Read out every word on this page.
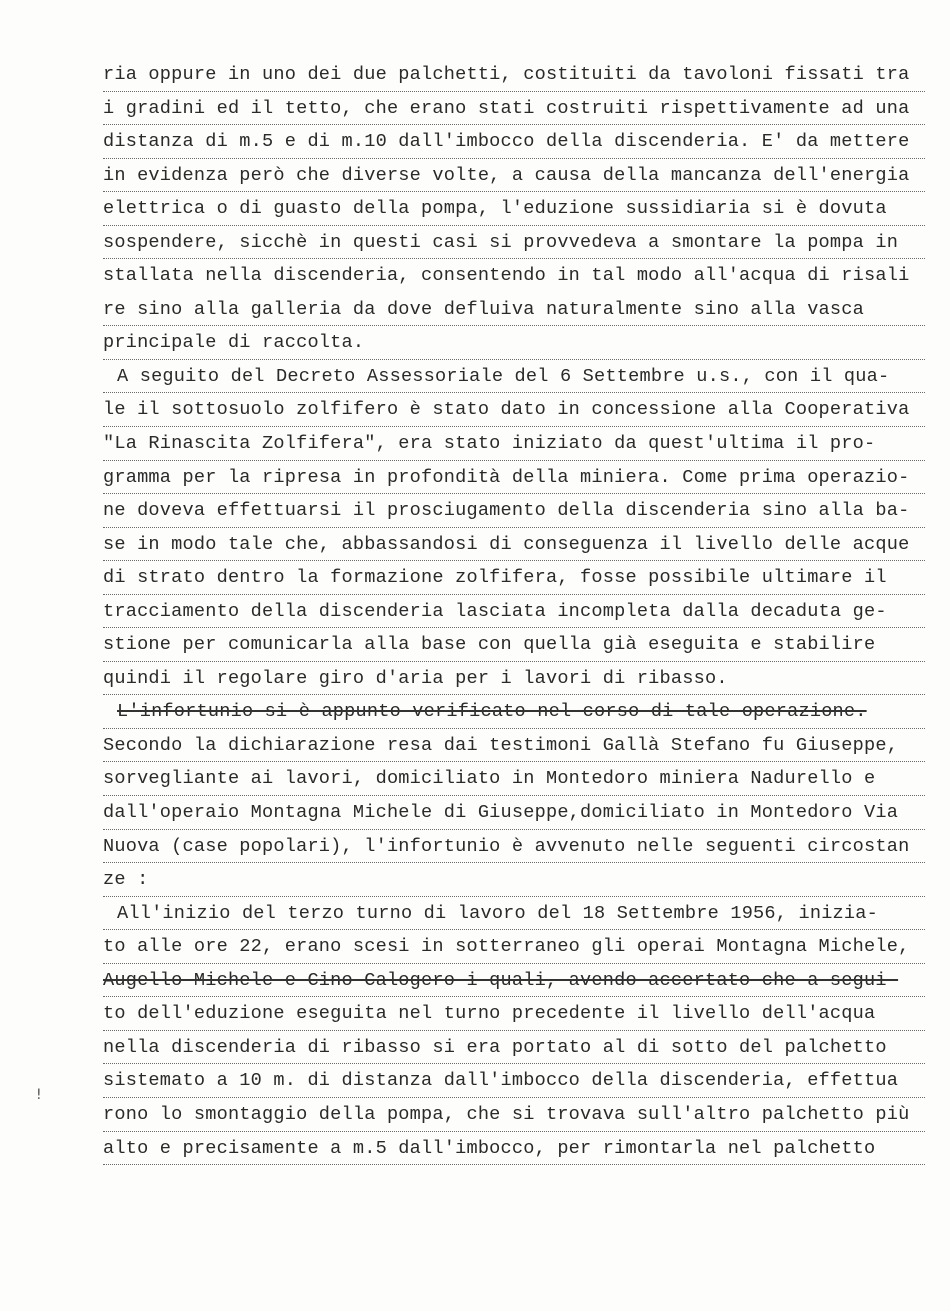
ria oppure in uno dei due palchetti, costituiti da tavoloni fissati tra
i gradini ed il tetto, che erano stati costruiti rispettivamente ad una
distanza di m.5 e di m.10 dall'imbocco della discenderia. E' da mettere
in evidenza però che diverse volte, a causa della mancanza dell'energia
elettrica o di guasto della pompa, l'eduzione sussidiaria si è dovuta
sospendere, sicchè in questi casi si provvedeva a smontare la pompa in
stallata nella discenderia, consentendo in tal modo all'acqua di risali
re sino alla galleria da dove defluiva naturalmente sino alla vasca
principale di raccolta.
A seguito del Decreto Assessoriale del 6 Settembre u.s., con il qua-
le il sottosuolo zolfifero è stato dato in concessione alla Cooperativa
"La Rinascita Zolfifera", era stato iniziato da quest'ultima il pro-
gramma per la ripresa in profondità della miniera. Come prima operazio-
ne doveva effettuarsi il prosciugamento della discenderia sino alla ba-
se in modo tale che, abbassandosi di conseguenza il livello delle acque
di strato dentro la formazione zolfifera, fosse possibile ultimare il
tracciamento della discenderia lasciata incompleta dalla decaduta ge-
stione per comunicarla alla base con quella già eseguita e stabilire
quindi il regolare giro d'aria per i lavori di ribasso.
L'infortunio si è appunto verificato nel corso di tale operazione.
Secondo la dichiarazione resa dai testimoni Gallà Stefano fu Giuseppe,
sorvegliante ai lavori, domiciliato in Montedoro miniera Nadurello e
dall'operaio Montagna Michele di Giuseppe,domiciliato in Montedoro Via
Nuova (case popolari), l'infortunio è avvenuto nelle seguenti circostan
ze :
All'inizio del terzo turno di lavoro del 18 Settembre 1956, inizia-
to alle ore 22, erano scesi in sotterraneo gli operai Montagna Michele,
Augello Michele e Cino Calogero i quali, avendo accertato che a segui-
to dell'eduzione eseguita nel turno precedente il livello dell'acqua
nella discenderia di ribasso si era portato al di sotto del palchetto
sistemato a 10 m. di distanza dall'imbocco della discenderia, effettua
rono lo smontaggio della pompa, che si trovava sull'altro palchetto più
alto e precisamente a m.5 dall'imbocco, per rimontarla nel palchetto
!
